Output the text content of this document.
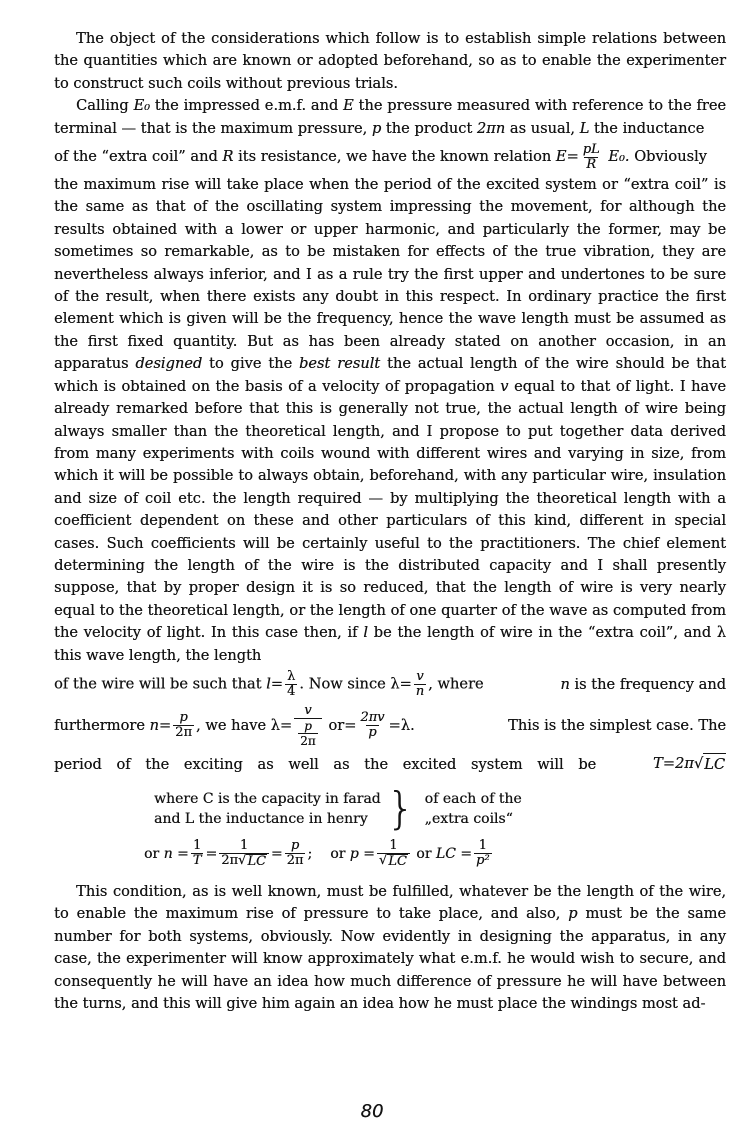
The object of the considerations which follow is to establish simple relations between the quantities which are known or adopted beforehand, so as to enable the experimenter to construct such coils without previous trials.

Calling E₀ the impressed e.m.f. and E the pressure measured with reference to the free terminal — that is the maximum pressure, p the product 2πn as usual, L the inductance

of the “extra coil” and
R
its resistance, we have the known relation
$E= \frac{pL}{R}$
E₀.
Obviously

the maximum rise will take place when the period of the excited system or “extra coil” is the same as that of the oscillating system impressing the movement, for although the results obtained with a lower or upper harmonic, and particularly the former, may be sometimes so remarkable, as to be mistaken for effects of the true vibration, they are nevertheless always inferior, and I as a rule try the first upper and undertones to be sure of the result, when there exists any doubt in this respect. In ordinary practice the first element which is given will be the frequency, hence the wave length must be assumed as the first fixed quantity. But as has been already stated on another occasion, in an apparatus designed to give the best result the actual length of the wire should be that which is obtained on the basis of a velocity of propagation v equal to that of light. I have already remarked before that this is generally not true, the actual length of wire being always smaller than the theoretical length, and I propose to put together data derived from many experiments with coils wound with different wires and varying in size, from which it will be possible to always obtain, beforehand, with any particular wire, insulation and size of coil etc. the length required — by multiplying the theoretical length with a coefficient dependent on these and other particulars of this kind, different in special cases. Such coefficients will be certainly useful to the practitioners. The chief element determining the length of the wire is the distributed capacity and I shall presently suppose, that by proper design it is so reduced, that the length of wire is very nearly equal to the theoretical length, or the length of one quarter of the wave as computed from the velocity of light. In this case then, if l be the length of wire in the “extra coil”, and λ this wave length, the length

of the wire will be such that $l= \frac{\lambda}{4}$ . Now since $\lambda= \frac{v}{n}$ , where	n is the frequency and
furthermore
$n= \frac{p}{2\pi}$ , we have
$\lambda= \frac{v}{\frac{p}{2\pi}}$
$or= \frac{2\pi v}{p} =\lambda$.	This is the simplest case. The
period of the exciting as well as the excited system will be	T=2π√ LC
where C is the capacity in farad
and L the inductance in henry } of each of the
„extra coils“
or
$n = \frac{1}{T} = \frac{1}{2\pi√ LC} = \frac{p}{2\pi}$ ; or
$p = \frac{1}{√ LC}$
or
LC = $\frac{1}{\text{p²}}$

This condition, as is well known, must be fulfilled, whatever be the length of the wire, to enable the maximum rise of pressure to take place, and also, p must be the same number for both systems, obviously. Now evidently in designing the apparatus, in any case, the experimenter will know approximately what e.m.f. he would wish to secure, and consequently he will have an idea how much difference of pressure he will have between the turns, and this will give him again an idea how he must place the windings most ad-

80
